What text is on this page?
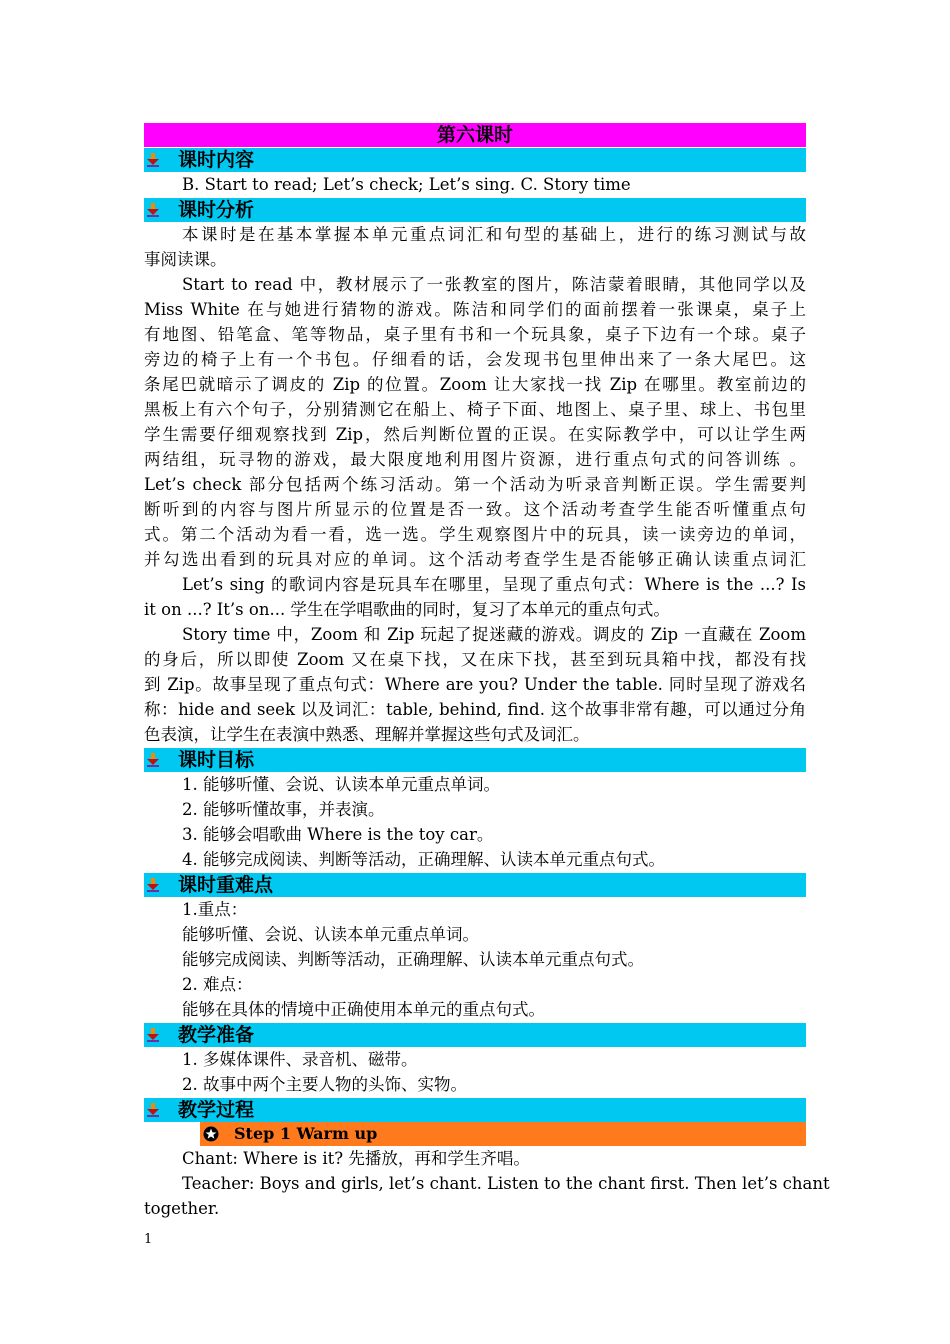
第六课时
课时内容
B. Start to read; Let’s check; Let’s sing. C. Story time
课时分析
本课时是在基本掌握本单元重点词汇和句型的基础上，进行的练习测试与故
事阅读课。
Start to read 中，教材展示了一张教室的图片，陈洁蒙着眼睛，其他同学以及
Miss White 在与她进行猜物的游戏。陈洁和同学们的面前摆着一张课桌，桌子上
有地图、铅笔盒、笔等物品，桌子里有书和一个玩具象，桌子下边有一个球。桌子
旁边的椅子上有一个书包。仔细看的话，会发现书包里伸出来了一条大尾巴。这
条尾巴就暗示了调皮的 Zip 的位置。Zoom 让大家找一找 Zip 在哪里。教室前边的
黑板上有六个句子，分别猜测它在船上、椅子下面、地图上、桌子里、球上、书包里
学生需要仔细观察找到 Zip，然后判断位置的正误。在实际教学中，可以让学生两
两结组，玩寻物的游戏，最大限度地利用图片资源，进行重点句式的问答训练 。
Let’s check 部分包括两个练习活动。第一个活动为听录音判断正误。学生需要判
断听到的内容与图片所显示的位置是否一致。这个活动考查学生能否听懂重点句
式。第二个活动为看一看，选一选。学生观察图片中的玩具，读一读旁边的单词，
并勾选出看到的玩具对应的单词。这个活动考查学生是否能够正确认读重点词汇
Let’s sing 的歌词内容是玩具车在哪里，呈现了重点句式：Where is the ...? Is
it on ...? It’s on... 学生在学唱歌曲的同时，复习了本单元的重点句式。
Story time 中，Zoom 和 Zip 玩起了捉迷藏的游戏。调皮的 Zip 一直藏在 Zoom
的身后，所以即使 Zoom 又在桌下找，又在床下找，甚至到玩具箱中找，都没有找
到 Zip。故事呈现了重点句式：Where are you? Under the table. 同时呈现了游戏名
称：hide and seek 以及词汇：table, behind, find. 这个故事非常有趣，可以通过分角
色表演，让学生在表演中熟悉、理解并掌握这些句式及词汇。
课时目标
1. 能够听懂、会说、认读本单元重点单词。
2. 能够听懂故事，并表演。
3. 能够会唱歌曲 Where is the toy car。
4. 能够完成阅读、判断等活动，正确理解、认读本单元重点句式。
课时重难点
1.重点：
能够听懂、会说、认读本单元重点单词。
能够完成阅读、判断等活动，正确理解、认读本单元重点句式。
2. 难点：
能够在具体的情境中正确使用本单元的重点句式。
教学准备
1. 多媒体课件、录音机、磁带。
2. 故事中两个主要人物的头饰、实物。
教学过程
Step 1 Warm up
Chant: Where is it? 先播放，再和学生齐唱。
Teacher: Boys and girls, let’s chant. Listen to the chant first. Then let’s chant
together.
1
